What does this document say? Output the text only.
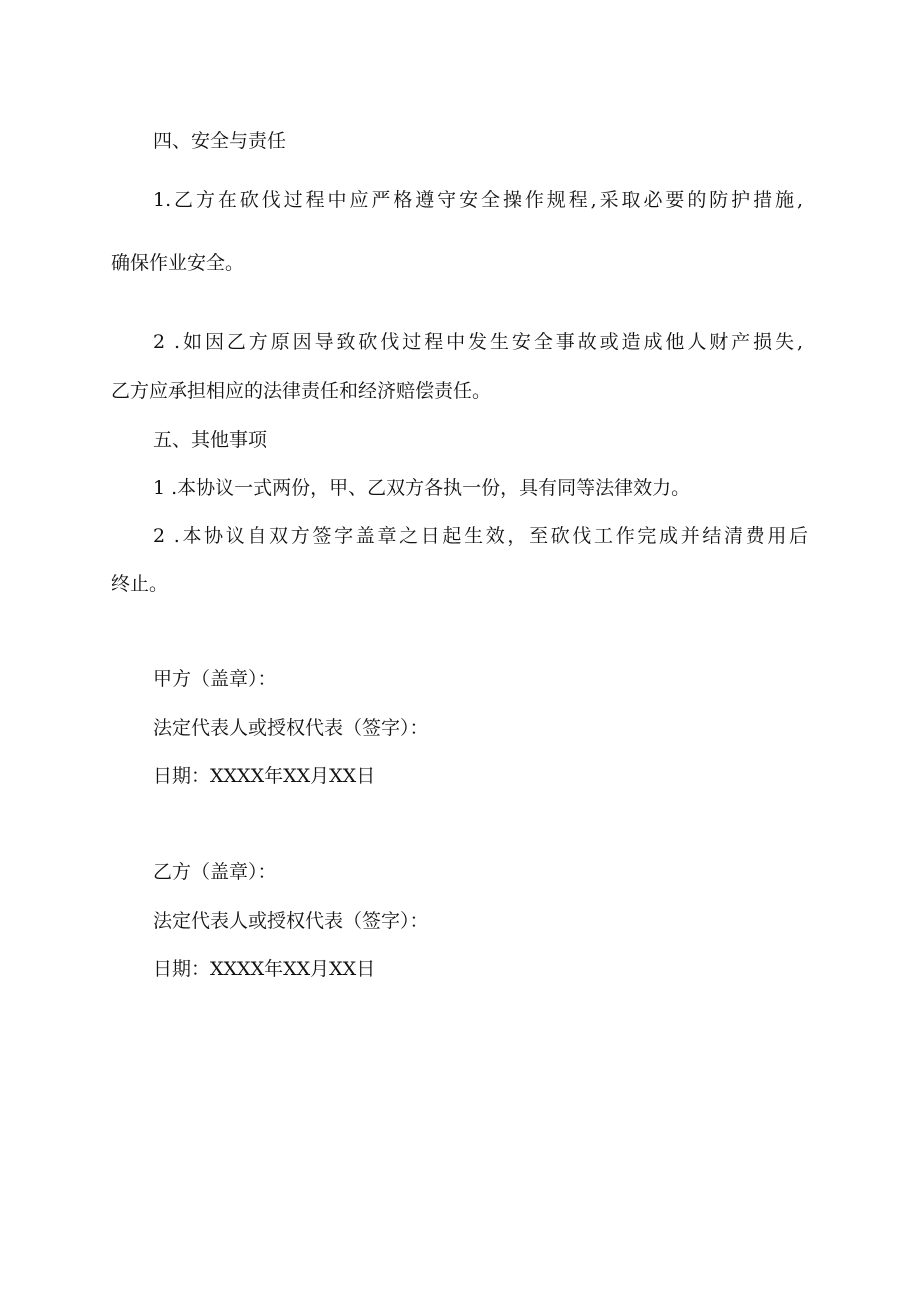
四、安全与责任
1.乙方在砍伐过程中应严格遵守安全操作规程,采取必要的防护措施,
确保作业安全。
2 .如因乙方原因导致砍伐过程中发生安全事故或造成他人财产损失,
乙方应承担相应的法律责任和经济赔偿责任。
五、其他事项
1 .本协议一式两份，甲、乙双方各执一份，具有同等法律效力。
2 .本协议自双方签字盖章之日起生效，至砍伐工作完成并结清费用后
终止。
甲方（盖章）：
法定代表人或授权代表（签字）：
日期：XXXX年XX月XX日
乙方（盖章）：
法定代表人或授权代表（签字）：
日期：XXXX年XX月XX日
